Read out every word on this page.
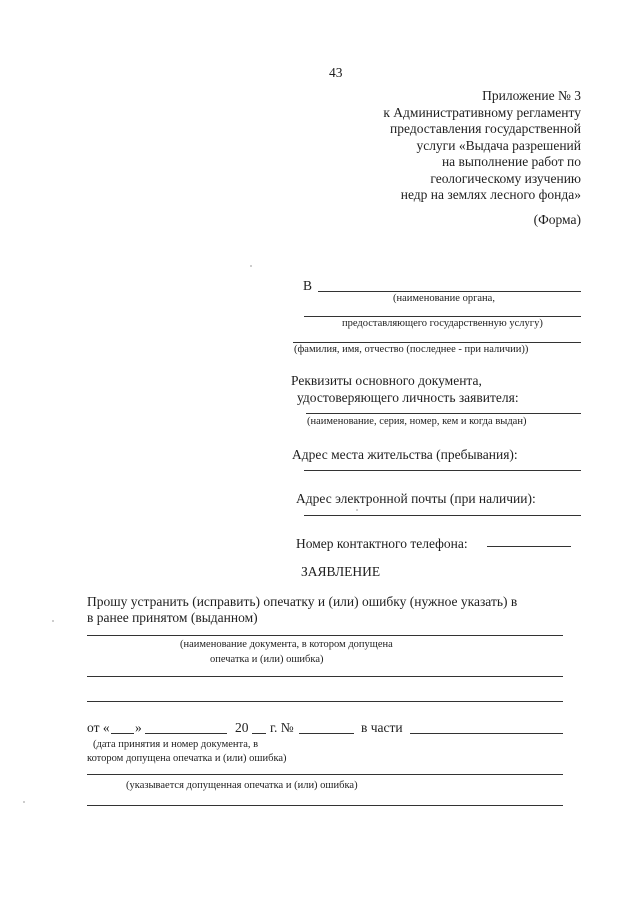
43
Приложение № 3
к Административному регламенту
предоставления государственной
услуги «Выдача разрешений
на выполнение работ по
геологическому изучению
недр на землях лесного фонда»
(Форма)
В
(наименование органа,
предоставляющего государственную услугу)
(фамилия, имя, отчество (последнее - при наличии))
Реквизиты основного документа,
удостоверяющего личность заявителя:
(наименование, серия, номер, кем и когда выдан)
Адрес места жительства (пребывания):
Адрес электронной почты (при наличии):
Номер контактного телефона:
ЗАЯВЛЕНИЕ
Прошу устранить (исправить) опечатку и (или) ошибку (нужное указать) в
в ранее принятом (выданном)
(наименование документа, в котором допущена
опечатка и (или) ошибка)
от « »	20 г. №	в части
(дата принятия и номер документа, в
котором допущена опечатка и (или) ошибка)
(указывается допущенная опечатка и (или) ошибка)
